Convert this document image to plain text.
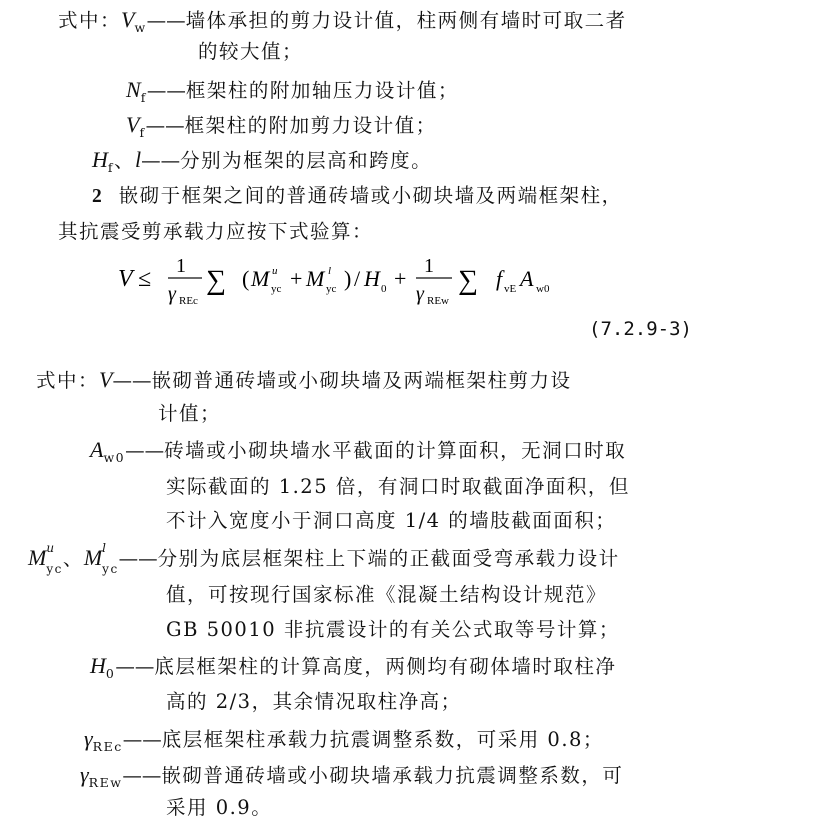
式中：$V_w——$墙体承担的剪力设计值，柱两侧有墙时可取二者
的较大值；
$N_f——$框架柱的附加轴压力设计值；
$V_f——$框架柱的附加剪力设计值；
$H_f$、l——分别为框架的层高和跨度。
2 嵌砌于框架之间的普通砖墙或小砌块墙及两端框架柱，
其抗震受剪承载力应按下式验算：
V ≤ 1
γ REc
∑ ( M u
yc + M l
yc ) / H 0 + 1
γ REw
∑ f vE A w0
(7.2.9-3)
式中：V——嵌砌普通砖墙或小砌块墙及两端框架柱剪力设
计值；
$A_{w0}——$砖墙或小砌块墙水平截面的计算面积，无洞口时取
实际截面的 1.25 倍，有洞口时取截面净面积，但
不计入宽度小于洞口高度 1/4 的墙肢截面面积；
M u
yc 、M l
yc ——分别为底层框架柱上下端的正截面受弯承载力设计
值，可按现行国家标准《混凝土结构设计规范》
GB 50010 非抗震设计的有关公式取等号计算；
$H_0——$底层框架柱的计算高度，两侧均有砌体墙时取柱净
高的 2/3，其余情况取柱净高；
$\gamma_{REc}——$底层框架柱承载力抗震调整系数，可采用 0.8；
$\gamma_{REw}——$嵌砌普通砖墙或小砌块墙承载力抗震调整系数，可
采用 0.9。
